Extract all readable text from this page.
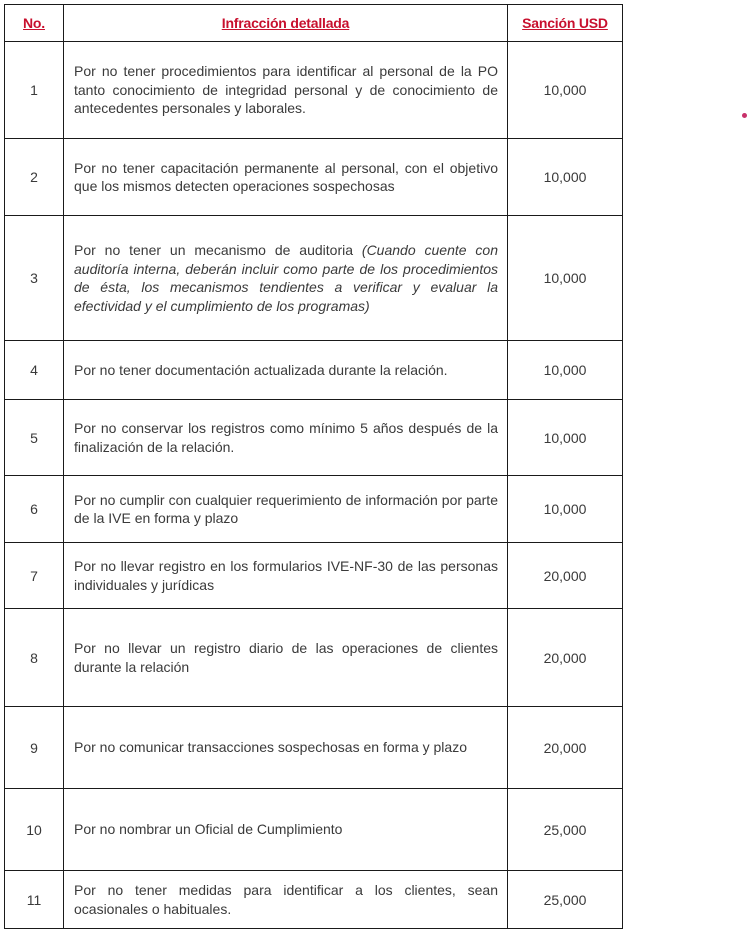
No.	Infracción detallada	Sanción USD
1	Por no tener procedimientos para identificar al personal de la PO tanto conocimiento de integridad personal y de conocimiento de antecedentes personales y laborales.	10,000
2	Por no tener capacitación permanente al personal, con el objetivo que los mismos detecten operaciones sospechosas	10,000
3	Por no tener un mecanismo de auditoria (Cuando cuente con auditoría interna, deberán incluir como parte de los procedimientos de ésta, los mecanismos tendientes a verificar y evaluar la efectividad y el cumplimiento de los programas)	10,000
4	Por no tener documentación actualizada durante la relación.	10,000
5	Por no conservar los registros como mínimo 5 años después de la finalización de la relación.	10,000
6	Por no cumplir con cualquier requerimiento de información por parte de la IVE en forma y plazo	10,000
7	Por no llevar registro en los formularios IVE-NF-30 de las personas individuales y jurídicas	20,000
8	Por no llevar un registro diario de las operaciones de clientes durante la relación	20,000
9	Por no comunicar transacciones sospechosas en forma y plazo	20,000
10	Por no nombrar un Oficial de Cumplimiento	25,000
11	Por no tener medidas para identificar a los clientes, sean ocasionales o habituales.	25,000
